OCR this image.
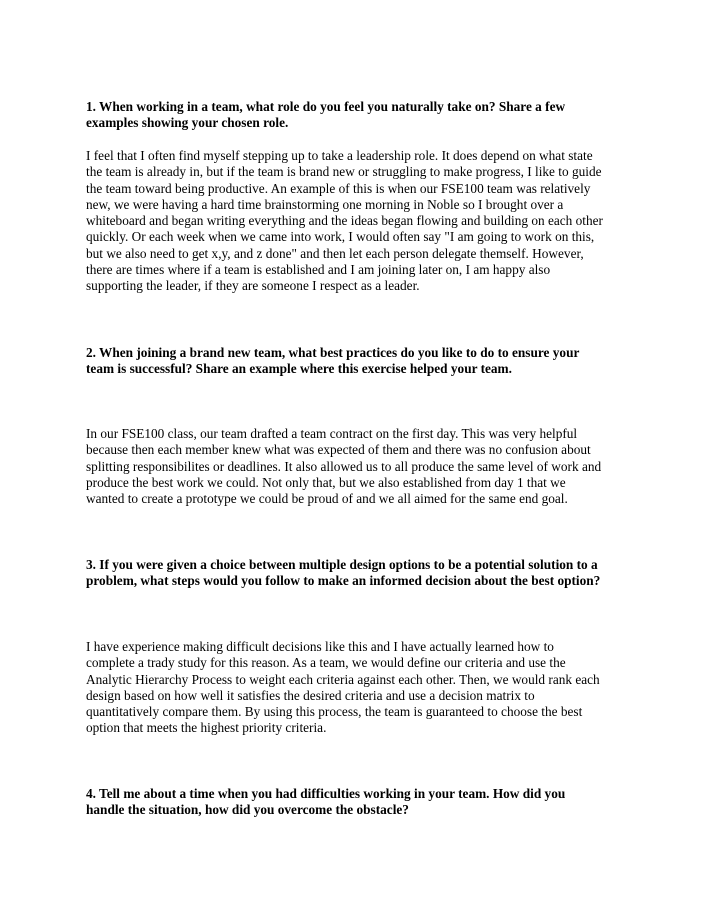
1. When working in a team, what role do you feel you naturally take on? Share a few
examples showing your chosen role.

I feel that I often find myself stepping up to take a leadership role. It does depend on what state
the team is already in, but if the team is brand new or struggling to make progress, I like to guide
the team toward being productive. An example of this is when our FSE100 team was relatively
new, we were having a hard time brainstorming one morning in Noble so I brought over a
whiteboard and began writing everything and the ideas began flowing and building on each other
quickly. Or each week when we came into work, I would often say "I am going to work on this,
but we also need to get x,y, and z done" and then let each person delegate themself. However,
there are times where if a team is established and I am joining later on, I am happy also
supporting the leader, if they are someone I respect as a leader.

2. When joining a brand new team, what best practices do you like to do to ensure your
team is successful? Share an example where this exercise helped your team.

In our FSE100 class, our team drafted a team contract on the first day. This was very helpful
because then each member knew what was expected of them and there was no confusion about
splitting responsibilites or deadlines. It also allowed us to all produce the same level of work and
produce the best work we could. Not only that, but we also established from day 1 that we
wanted to create a prototype we could be proud of and we all aimed for the same end goal.

3. If you were given a choice between multiple design options to be a potential solution to a
problem, what steps would you follow to make an informed decision about the best option?

I have experience making difficult decisions like this and I have actually learned how to
complete a trady study for this reason. As a team, we would define our criteria and use the
Analytic Hierarchy Process to weight each criteria against each other. Then, we would rank each
design based on how well it satisfies the desired criteria and use a decision matrix to
quantitatively compare them. By using this process, the team is guaranteed to choose the best
option that meets the highest priority criteria.

4. Tell me about a time when you had difficulties working in your team. How did you
handle the situation, how did you overcome the obstacle?
